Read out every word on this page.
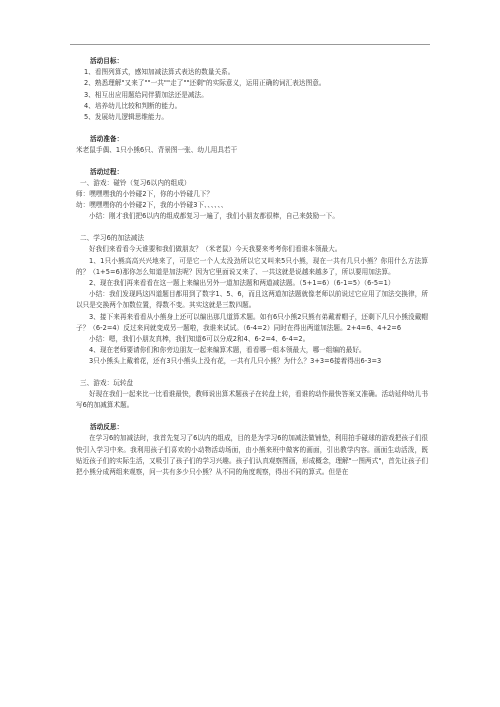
活动目标：

1、看图列算式，感知加减法算式表达的数量关系。

2、熟悉理解"又来了""一共""走了""还剩"的实际意义，运用正确的词汇表达图意。

3、相互出应用题给同伴猜加法还是减法。

4、培养幼儿比较和判断的能力。

5、发展幼儿逻辑思维能力。

活动准备：

米老鼠手偶、1只小熊6只、背景图一张、幼儿用具若干

活动过程：

一、游戏：碰铃（复习6以内的组成）

师：嘿嘿嘿我的小铃碰2下，你的小铃碰几下？

幼：嘿嘿嘿你的小铃碰2下，我的小铃碰3下、、、、、、

小结：刚才我们把6以内的组成都复习一遍了，我们小朋友都很棒，自己来鼓励一下。

二、学习6的加法减法

好我们来看看今天谁要和我们做朋友？（米老鼠）今天我要来考考你们看谁本领最大。

1、1只小熊高高兴兴地来了，可是它一个人太没劲所以它又叫来5只小熊，现在一共有几只小熊？你用什么方法算的？（1+5=6)那你怎么知道是加法呢？因为它里面说又来了、一共这就是说越来越多了，所以要用加法算。

2、现在我们再来看看在这一题上来编出另外一道加法题和两道减法题。（5+1=6）（6-1=5）（6-5=1）

小结：我们发现吗这四道题目都用到了数字1、5、6，而且这两道加法题就像老师以前说过它应用了加法交换律，所以只是交换两个加数位置，得数不变。其实这就是三数四题。

3、接下来再来看看从小熊身上还可以编出那几道算术题。如有6只小熊2只熊有弟戴着帽子，还剩下几只小熊没戴帽子？（6-2=4）反过来问就变成另一题啦，我谁来试试。（6-4=2）同时在得出两道加法题。2+4=6、4+2=6

小结：嗯，我们小朋友真棒，我们知道6可以分成2和4、6-2=4、6-4=2。

4、现在老师要请你们和你旁边朋友一起来编算术题，看看哪一组本领最大，哪一组编的最好。

3只小熊头上戴着花，还有3只小熊头上没有花，一共有几只小熊？为什么？3+3=6接着得出6-3=3

三、游戏：玩转盘

好现在我们一起来比一比看谁最快，教师说出算术题孩子在转盘上转，看谁的动作最快答案又准确。活动延伸幼儿书写6的加减算术题。

活动反思：

在学习6的加减法时，我首先复习了6以内的组成，目的是为学习6的加减法做铺垫，利用拍手碰球的游戏把孩子们很快引入学习中来。我利用孩子们喜欢的小动物活动场面，由小熊来班中做客的画面，引出教学内容。画面生动活泼，既贴近孩子们的实际生活，又吸引了孩子们的学习兴趣。孩子们认真观察图画，形成概念，理解"一图两式"，首先让孩子们把小熊分成两组来观察，问一共有多少只小熊？从不同的角度观察，得出不同的算式。但是在
